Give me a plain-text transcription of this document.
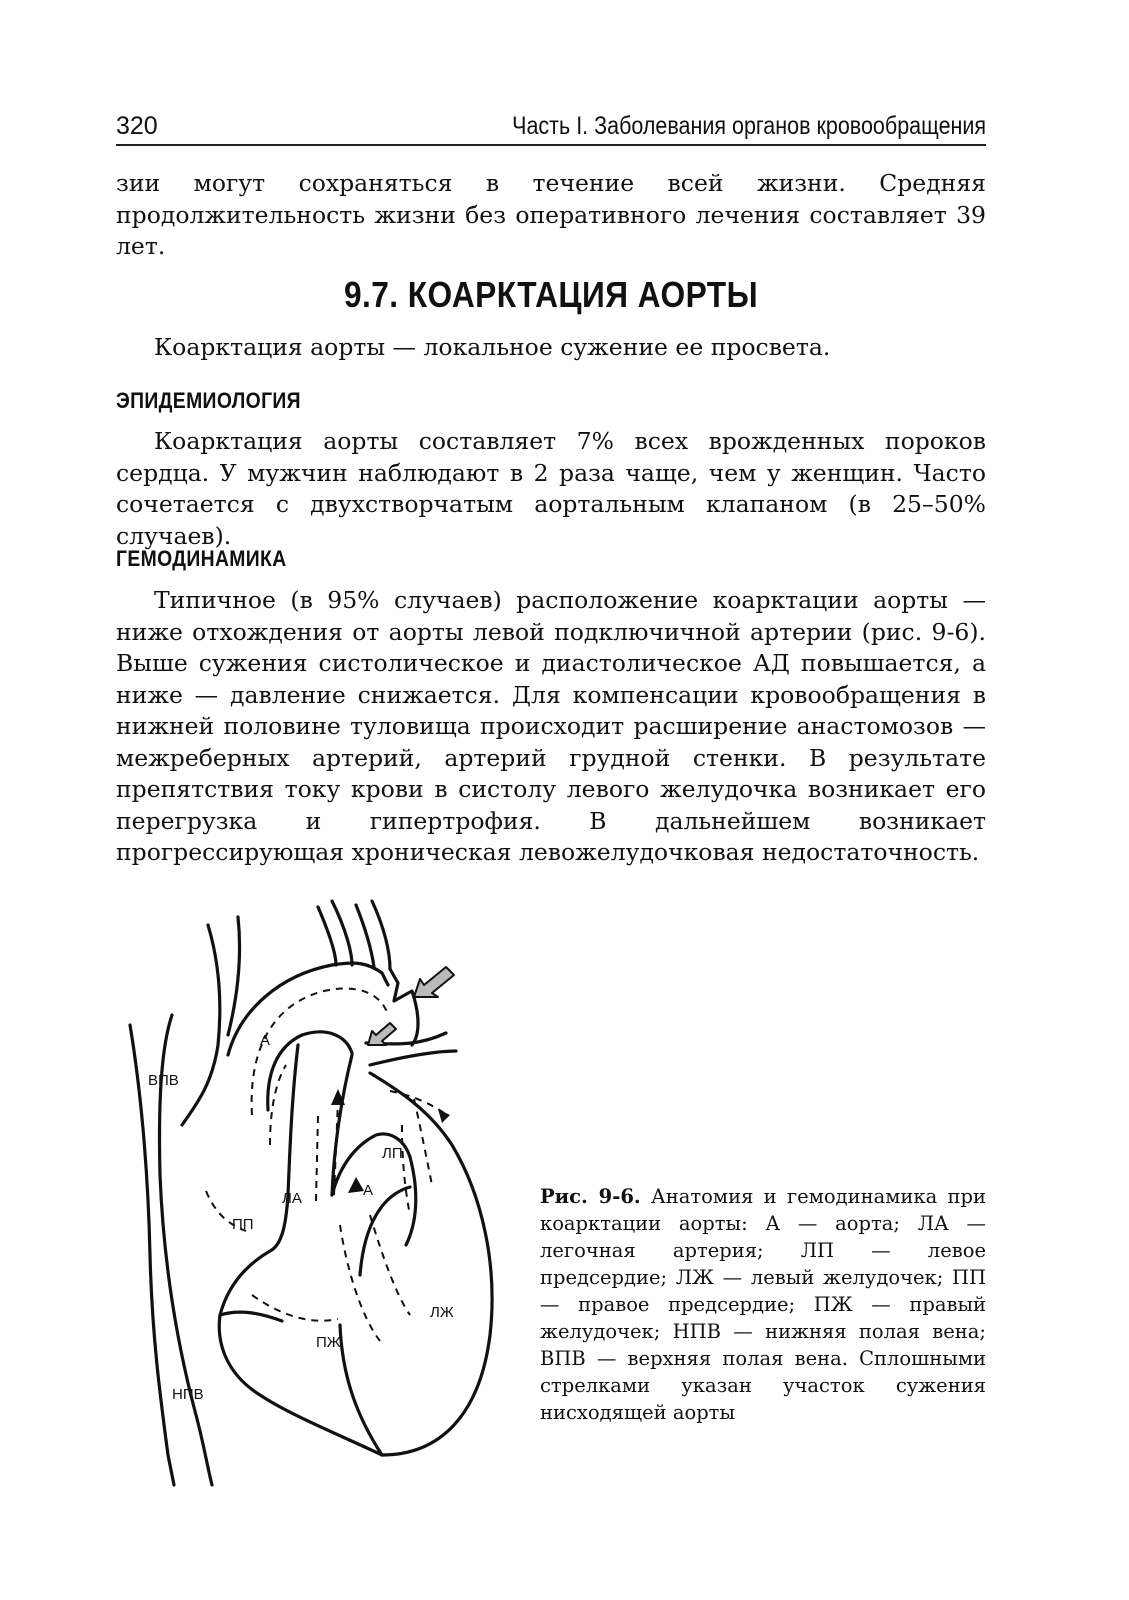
320	Часть I. Заболевания органов кровообращения

зии могут сохраняться в течение всей жизни. Средняя продолжительность жизни без оперативного лечения составляет 39 лет.

9.7. КОАРКТАЦИЯ АОРТЫ

Коарктация аорты — локальное сужение ее просвета.

ЭПИДЕМИОЛОГИЯ

Коарктация аорты составляет 7% всех врожденных пороков сердца. У мужчин наблюдают в 2 раза чаще, чем у женщин. Часто сочетается с двухстворчатым аортальным клапаном (в 25–50% случаев).

ГЕМОДИНАМИКА

Типичное (в 95% случаев) расположение коарктации аорты — ниже отхождения от аорты левой подключичной артерии (рис. 9-6). Выше сужения систолическое и диастолическое АД повышается, а ниже — давление снижается. Для компенсации кровообращения в нижней половине туловища происходит расширение анастомозов — межреберных артерий, артерий грудной стенки. В результате препятствия току крови в систолу левого желудочка возникает его перегрузка и гипертрофия. В дальнейшем возникает прогрессирующая хроническая левожелудочковая недостаточность.

ВПВ
А
ЛП
А
ЛА
ПП
ЛЖ
ПЖ
НПВ

Рис. 9-6. Анатомия и гемодинамика при коарктации аорты: А — аорта; ЛА — легочная артерия; ЛП — левое предсердие; ЛЖ — левый желудочек; ПП — правое предсердие; ПЖ — правый желудочек; НПВ — нижняя полая вена; ВПВ — верхняя полая вена. Сплошными стрелками указан участок сужения нисходящей аорты
